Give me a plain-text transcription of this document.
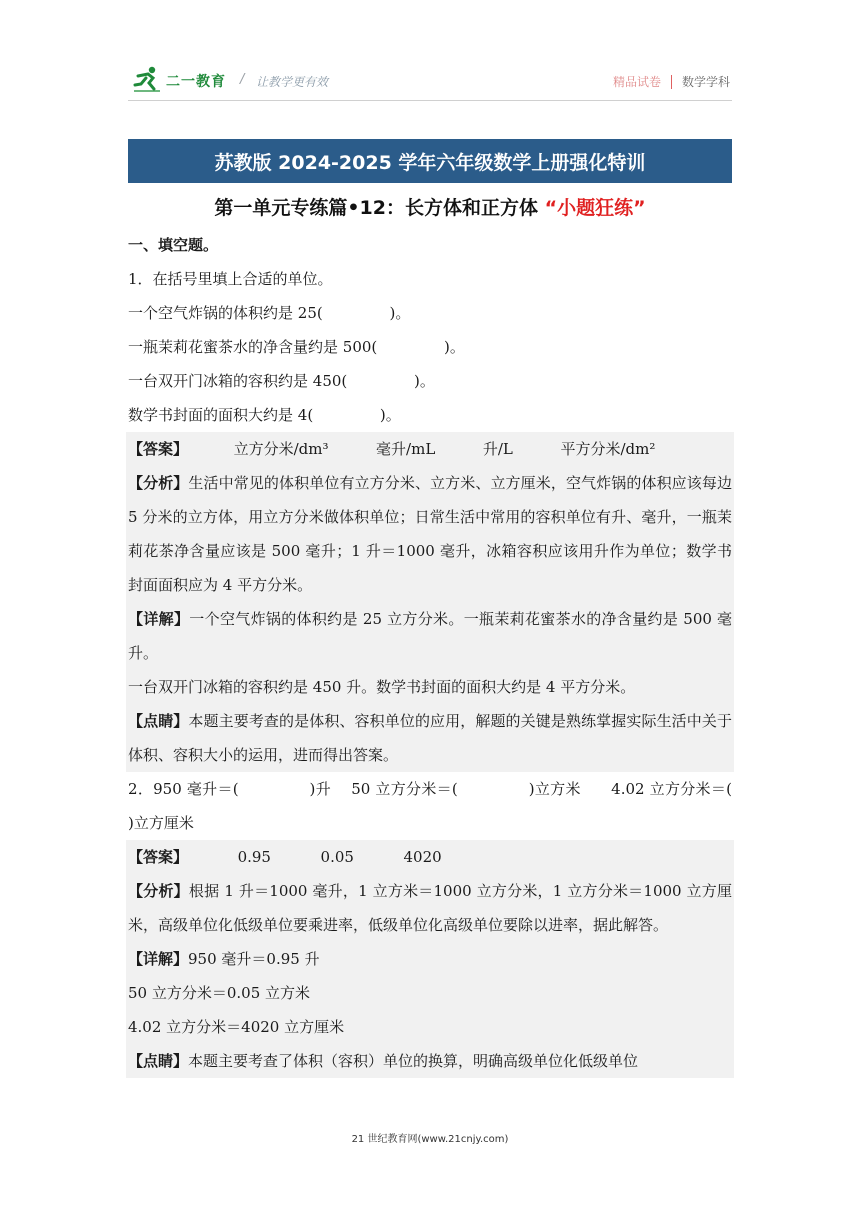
二一教育 / 让教学更有效	精品试卷 数学学科
苏教版 2024-2025 学年六年级数学上册强化特训
第一单元专练篇•12：长方体和正方体 “小题狂练”
一、填空题。
1．在括号里填上合适的单位。
一个空气炸锅的体积约是 25(              )。
一瓶茉莉花蜜茶水的净含量约是 500(              )。
一台双开门冰箱的容积约是 450(              )。
数学书封面的面积大约是 4(              )。
【答案】	立方分米/dm³	毫升/mL	升/L	平方分米/dm²
【分析】生活中常见的体积单位有立方分米、立方米、立方厘米，空气炸锅的体积应该每边 5 分米的立方体，用立方分米做体积单位；日常生活中常用的容积单位有升、毫升，一瓶茉莉花茶净含量应该是 500 毫升；1 升＝1000 毫升，冰箱容积应该用升作为单位；数学书封面面积应为 4 平方分米。
【详解】一个空气炸锅的体积约是 25 立方分米。一瓶茉莉花蜜茶水的净含量约是 500 毫升。
一台双开门冰箱的容积约是 450 升。数学书封面的面积大约是 4 平方分米。
【点睛】本题主要考查的是体积、容积单位的应用，解题的关键是熟练掌握实际生活中关于体积、容积大小的运用，进而得出答案。
2．950 毫升＝(              )升    50 立方分米＝(              )立方米      4.02 立方分米＝(              )立方厘米
【答案】	0.95	0.05	4020
【分析】根据 1 升＝1000 毫升，1 立方米＝1000 立方分米，1 立方分米＝1000 立方厘米，高级单位化低级单位要乘进率，低级单位化高级单位要除以进率，据此解答。
【详解】950 毫升＝0.95 升
50 立方分米＝0.05 立方米
4.02 立方分米＝4020 立方厘米
【点睛】本题主要考查了体积（容积）单位的换算，明确高级单位化低级单位
21 世纪教育网(www.21cnjy.com)
